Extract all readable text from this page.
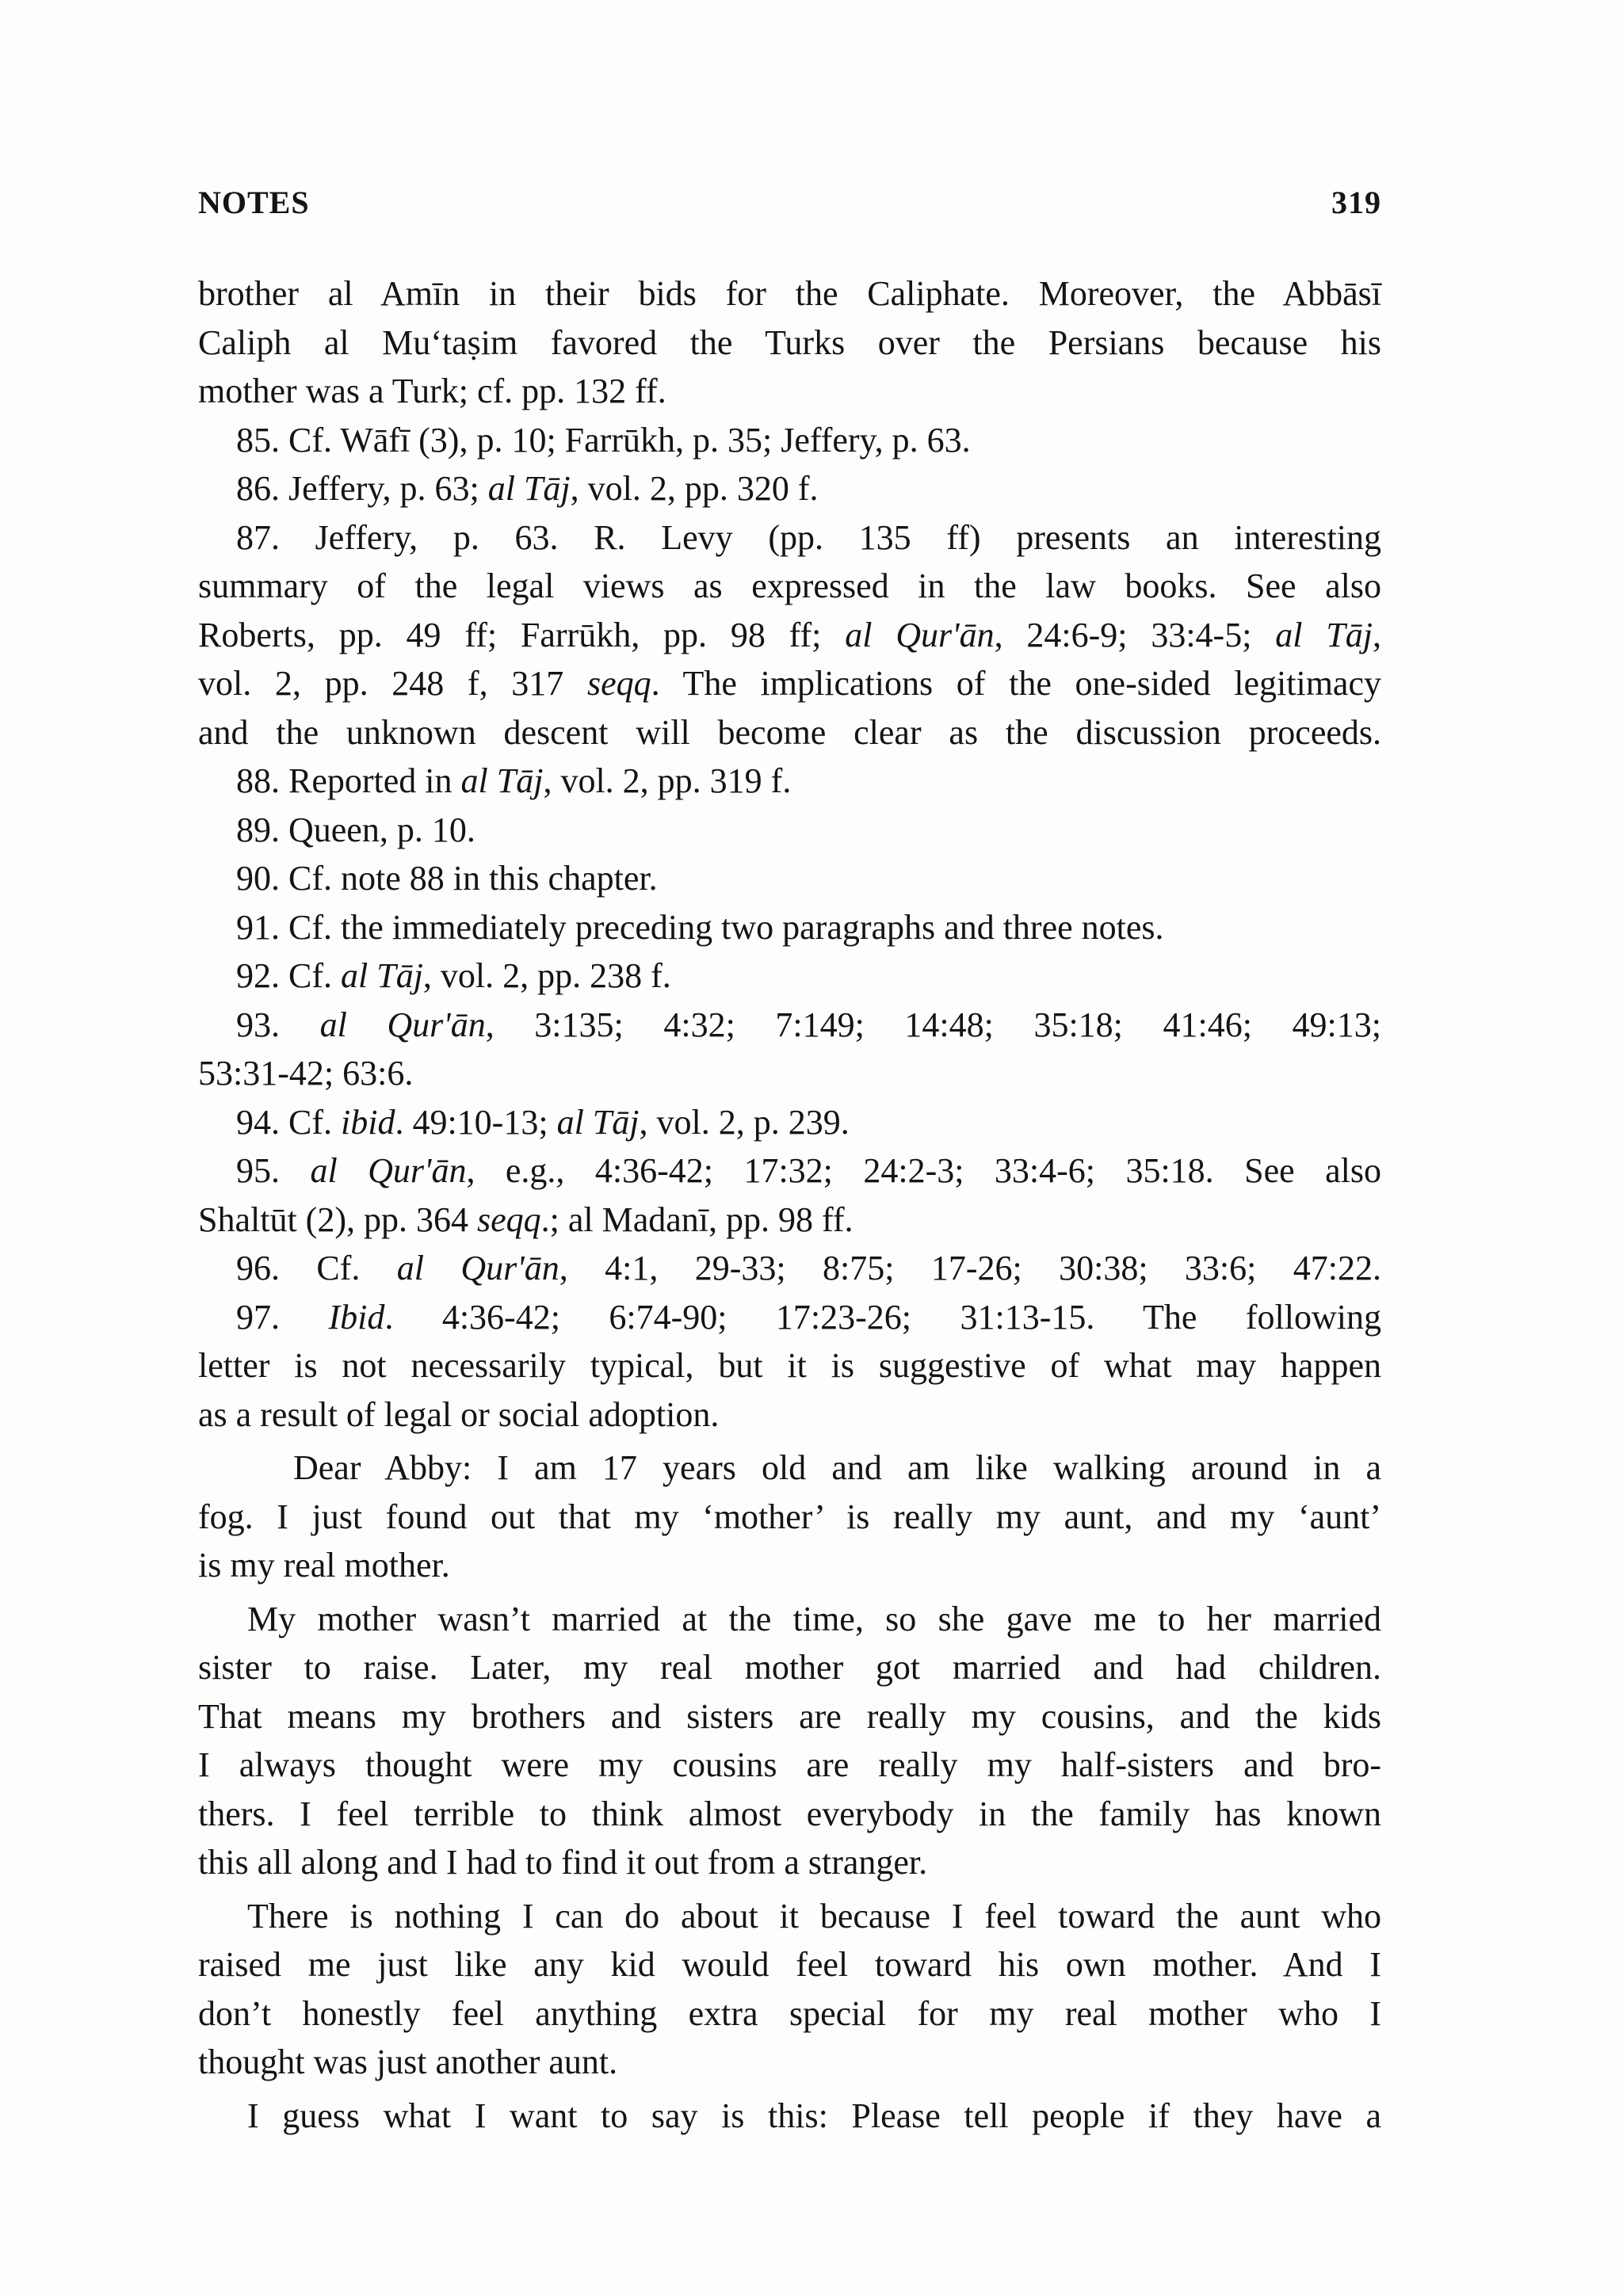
NOTES	319
brother al Amīn in their bids for the Caliphate. Moreover, the Abbāsī
Caliph al Mu‘taṣim favored the Turks over the Persians because his
mother was a Turk; cf. pp. 132 ff.
85. Cf. Wāfī (3), p. 10; Farrūkh, p. 35; Jeffery, p. 63.
86. Jeffery, p. 63; al Tāj, vol. 2, pp. 320 f.
87. Jeffery, p. 63. R. Levy (pp. 135 ff) presents an interesting
summary of the legal views as expressed in the law books. See also
Roberts, pp. 49 ff; Farrūkh, pp. 98 ff; al Qur'ān, 24:6-9; 33:4-5; al Tāj,
vol. 2, pp. 248 f, 317 seqq. The implications of the one-sided legitimacy
and the unknown descent will become clear as the discussion proceeds.
88. Reported in al Tāj, vol. 2, pp. 319 f.
89. Queen, p. 10.
90. Cf. note 88 in this chapter.
91. Cf. the immediately preceding two paragraphs and three notes.
92. Cf. al Tāj, vol. 2, pp. 238 f.
93. al Qur'ān, 3:135; 4:32; 7:149; 14:48; 35:18; 41:46; 49:13;
53:31-42; 63:6.
94. Cf. ibid. 49:10-13; al Tāj, vol. 2, p. 239.
95. al Qur'ān, e.g., 4:36-42; 17:32; 24:2-3; 33:4-6; 35:18. See also
Shaltūt (2), pp. 364 seqq.; al Madanī, pp. 98 ff.
96. Cf. al Qur'ān, 4:1, 29-33; 8:75; 17-26; 30:38; 33:6; 47:22.
97. Ibid. 4:36-42; 6:74-90; 17:23-26; 31:13-15. The following
letter is not necessarily typical, but it is suggestive of what may happen
as a result of legal or social adoption.
Dear Abby: I am 17 years old and am like walking around in a
fog. I just found out that my ‘mother’ is really my aunt, and my ‘aunt’
is my real mother.
My mother wasn’t married at the time, so she gave me to her married
sister to raise. Later, my real mother got married and had children.
That means my brothers and sisters are really my cousins, and the kids
I always thought were my cousins are really my half-sisters and bro-
thers. I feel terrible to think almost everybody in the family has known
this all along and I had to find it out from a stranger.
There is nothing I can do about it because I feel toward the aunt who
raised me just like any kid would feel toward his own mother. And I
don’t honestly feel anything extra special for my real mother who I
thought was just another aunt.
I guess what I want to say is this: Please tell people if they have a
